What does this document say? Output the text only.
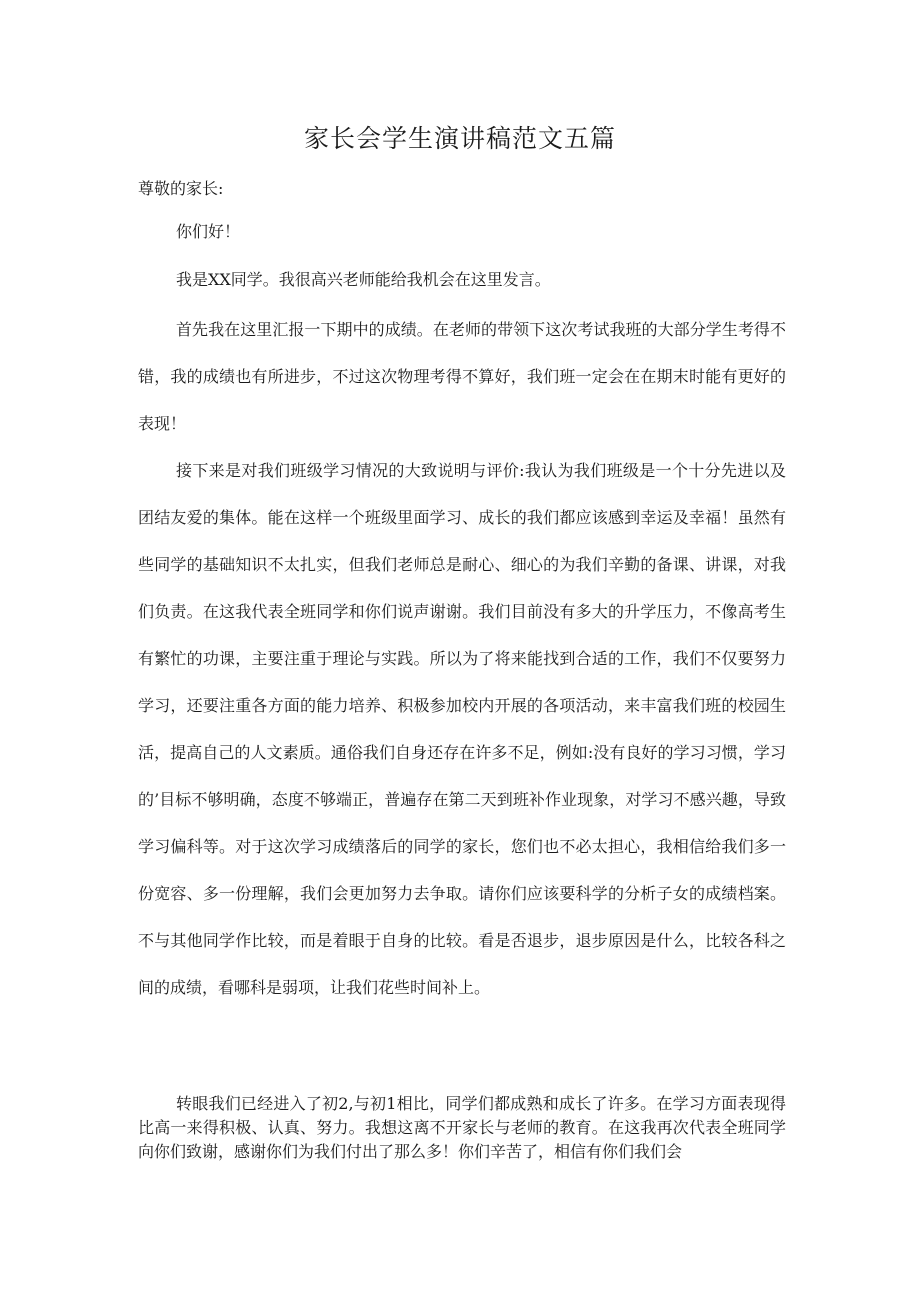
家长会学生演讲稿范文五篇

尊敬的家长:

你们好！

我是XX同学。我很高兴老师能给我机会在这里发言。

首先我在这里汇报一下期中的成绩。在老师的带领下这次考试我班的大部分学生考得不错，我的成绩也有所进步，不过这次物理考得不算好，我们班一定会在在期末时能有更好的表现！

接下来是对我们班级学习情况的大致说明与评价:我认为我们班级是一个十分先进以及团结友爱的集体。能在这样一个班级里面学习、成长的我们都应该感到幸运及幸福！虽然有些同学的基础知识不太扎实，但我们老师总是耐心、细心的为我们辛勤的备课、讲课，对我们负责。在这我代表全班同学和你们说声谢谢。我们目前没有多大的升学压力，不像高考生有繁忙的功课，主要注重于理论与实践。所以为了将来能找到合适的工作，我们不仅要努力学习，还要注重各方面的能力培养、积极参加校内开展的各项活动，来丰富我们班的校园生活，提高自己的人文素质。通俗我们自身还存在许多不足，例如:没有良好的学习习惯，学习的’目标不够明确，态度不够端正，普遍存在第二天到班补作业现象，对学习不感兴趣，导致学习偏科等。对于这次学习成绩落后的同学的家长，您们也不必太担心，我相信给我们多一份宽容、多一份理解，我们会更加努力去争取。请你们应该要科学的分析子女的成绩档案。不与其他同学作比较，而是着眼于自身的比较。看是否退步，退步原因是什么，比较各科之间的成绩，看哪科是弱项，让我们花些时间补上。

转眼我们已经进入了初2,与初1相比，同学们都成熟和成长了许多。在学习方面表现得比高一来得积极、认真、努力。我想这离不开家长与老师的教育。在这我再次代表全班同学向你们致谢，感谢你们为我们付出了那么多！你们辛苦了，相信有你们我们会
